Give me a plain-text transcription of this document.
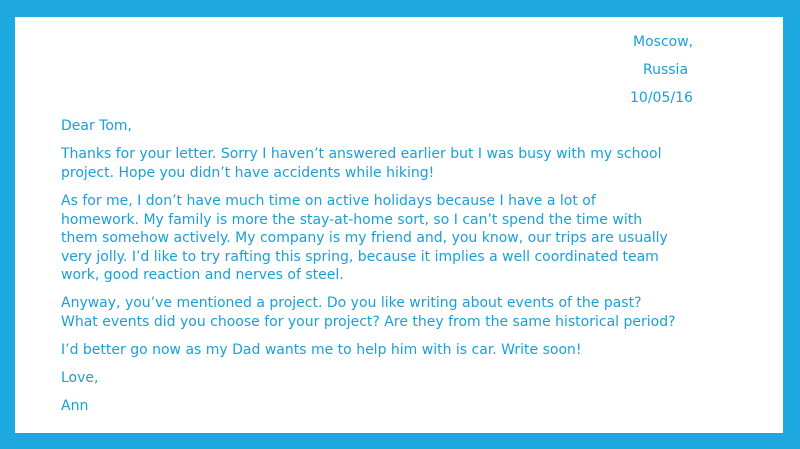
Moscow,
Russia
10/05/16
Dear Tom,
Thanks for your letter. Sorry I haven’t answered earlier but I was busy with my school
project. Hope you didn’t have accidents while hiking!
As for me, I don’t have much time on active holidays because I have a lot of
homework. My family is more the stay-at-home sort, so I can’t spend the time with
them somehow actively. My company is my friend and, you know, our trips are usually
very jolly. I’d like to try rafting this spring, because it implies a well coordinated team
work, good reaction and nerves of steel.
Anyway, you’ve mentioned a project. Do you like writing about events of the past?
What events did you choose for your project? Are they from the same historical period?
I’d better go now as my Dad wants me to help him with is car. Write soon!
Love,
Ann
